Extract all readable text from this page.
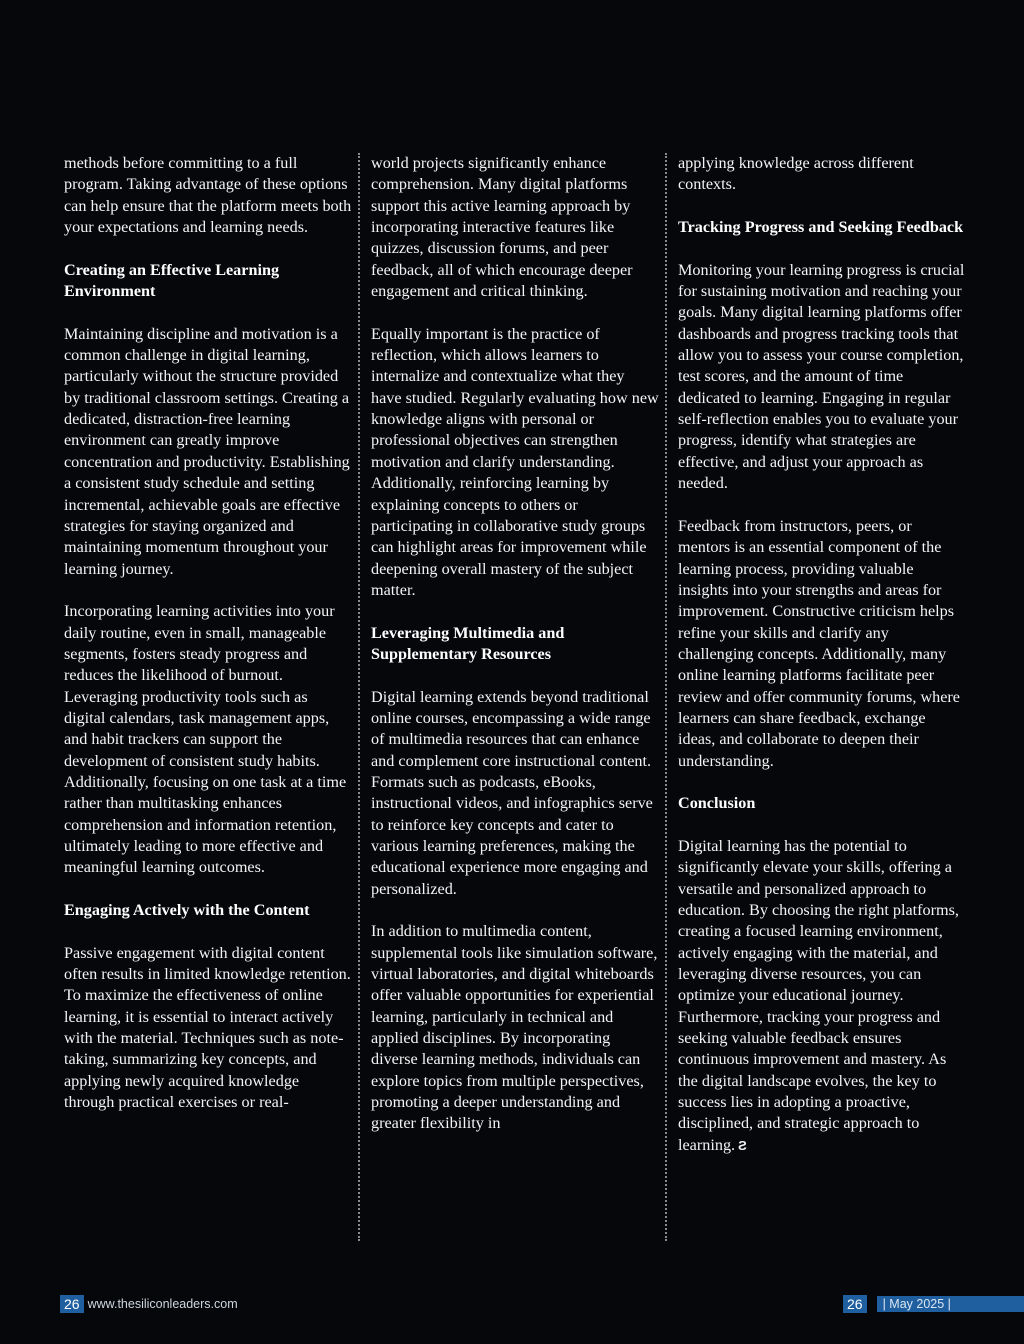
methods before committing to a full program. Taking advantage of these options can help ensure that the platform meets both your expectations and learning needs.

Creating an Effective Learning Environment

Maintaining discipline and motivation is a common challenge in digital learning, particularly without the structure provided by traditional classroom settings. Creating a dedicated, distraction-free learning environment can greatly improve concentration and productivity. Establishing a consistent study schedule and setting incremental, achievable goals are effective strategies for staying organized and maintaining momentum throughout your learning journey.

Incorporating learning activities into your daily routine, even in small, manageable segments, fosters steady progress and reduces the likelihood of burnout. Leveraging productivity tools such as digital calendars, task management apps, and habit trackers can support the development of consistent study habits. Additionally, focusing on one task at a time rather than multitasking enhances comprehension and information retention, ultimately leading to more effective and meaningful learning outcomes.

Engaging Actively with the Content

Passive engagement with digital content often results in limited knowledge retention. To maximize the effectiveness of online learning, it is essential to interact actively with the material. Techniques such as note-taking, summarizing key concepts, and applying newly acquired knowledge through practical exercises or real-

world projects significantly enhance comprehension. Many digital platforms support this active learning approach by incorporating interactive features like quizzes, discussion forums, and peer feedback, all of which encourage deeper engagement and critical thinking.

Equally important is the practice of reflection, which allows learners to internalize and contextualize what they have studied. Regularly evaluating how new knowledge aligns with personal or professional objectives can strengthen motivation and clarify understanding. Additionally, reinforcing learning by explaining concepts to others or participating in collaborative study groups can highlight areas for improvement while deepening overall mastery of the subject matter.

Leveraging Multimedia and Supplementary Resources

Digital learning extends beyond traditional online courses, encompassing a wide range of multimedia resources that can enhance and complement core instructional content. Formats such as podcasts, eBooks, instructional videos, and infographics serve to reinforce key concepts and cater to various learning preferences, making the educational experience more engaging and personalized.

In addition to multimedia content, supplemental tools like simulation software, virtual laboratories, and digital whiteboards offer valuable opportunities for experiential learning, particularly in technical and applied disciplines. By incorporating diverse learning methods, individuals can explore topics from multiple perspectives, promoting a deeper understanding and greater flexibility in

applying knowledge across different contexts.

Tracking Progress and Seeking Feedback

Monitoring your learning progress is crucial for sustaining motivation and reaching your goals. Many digital learning platforms offer dashboards and progress tracking tools that allow you to assess your course completion, test scores, and the amount of time dedicated to learning. Engaging in regular self-reflection enables you to evaluate your progress, identify what strategies are effective, and adjust your approach as needed.

Feedback from instructors, peers, or mentors is an essential component of the learning process, providing valuable insights into your strengths and areas for improvement. Constructive criticism helps refine your skills and clarify any challenging concepts. Additionally, many online learning platforms facilitate peer review and offer community forums, where learners can share feedback, exchange ideas, and collaborate to deepen their understanding.

Conclusion

Digital learning has the potential to significantly elevate your skills, offering a versatile and personalized approach to education. By choosing the right platforms, creating a focused learning environment, actively engaging with the material, and leveraging diverse resources, you can optimize your educational journey. Furthermore, tracking your progress and seeking valuable feedback ensures continuous improvement and mastery. As the digital landscape evolves, the key to success lies in adopting a proactive, disciplined, and strategic approach to learning. Ƨ

26 www.thesiliconleaders.com	26	| May 2025 |
